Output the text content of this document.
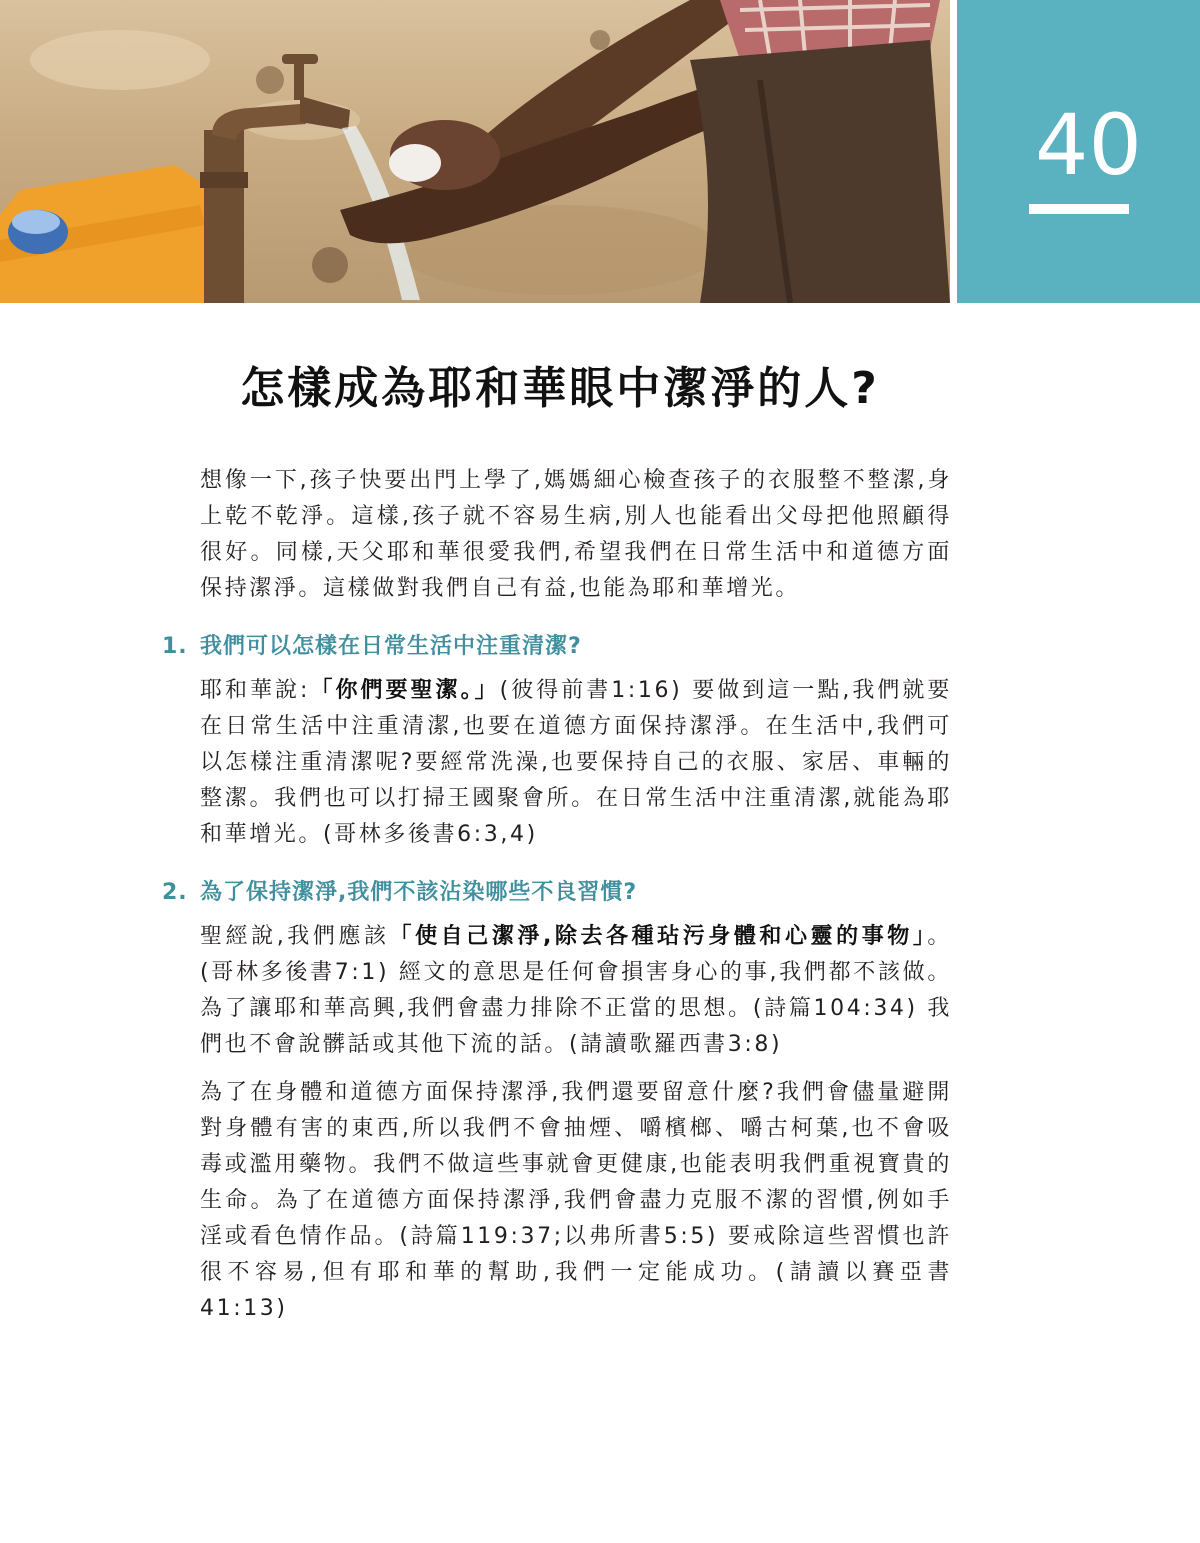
40
怎樣成為耶和華眼中潔淨的人?

想像一下,孩子快要出門上學了,媽媽細心檢查孩子的衣服整不整潔,身上乾不乾淨。這樣,孩子就不容易生病,別人也能看出父母把他照顧得很好。同樣,天父耶和華很愛我們,希望我們在日常生活中和道德方面保持潔淨。這樣做對我們自己有益,也能為耶和華增光。

1. 我們可以怎樣在日常生活中注重清潔?

耶和華說:「你們要聖潔。」(彼得前書1:16) 要做到這一點,我們就要在日常生活中注重清潔,也要在道德方面保持潔淨。在生活中,我們可以怎樣注重清潔呢?要經常洗澡,也要保持自己的衣服、家居、車輛的整潔。我們也可以打掃王國聚會所。在日常生活中注重清潔,就能為耶和華增光。(哥林多後書6:3,4)

2. 為了保持潔淨,我們不該沾染哪些不良習慣?

聖經說,我們應該「使自己潔淨,除去各種玷污身體和心靈的事物」。(哥林多後書7:1) 經文的意思是任何會損害身心的事,我們都不該做。為了讓耶和華高興,我們會盡力排除不正當的思想。(詩篇104:34) 我們也不會說髒話或其他下流的話。(請讀歌羅西書3:8)

為了在身體和道德方面保持潔淨,我們還要留意什麼?我們會儘量避開對身體有害的東西,所以我們不會抽煙、嚼檳榔、嚼古柯葉,也不會吸毒或濫用藥物。我們不做這些事就會更健康,也能表明我們重視寶貴的生命。為了在道德方面保持潔淨,我們會盡力克服不潔的習慣,例如手淫或看色情作品。(詩篇119:37;以弗所書5:5) 要戒除這些習慣也許很不容易,但有耶和華的幫助,我們一定能成功。(請讀以賽亞書41:13)
